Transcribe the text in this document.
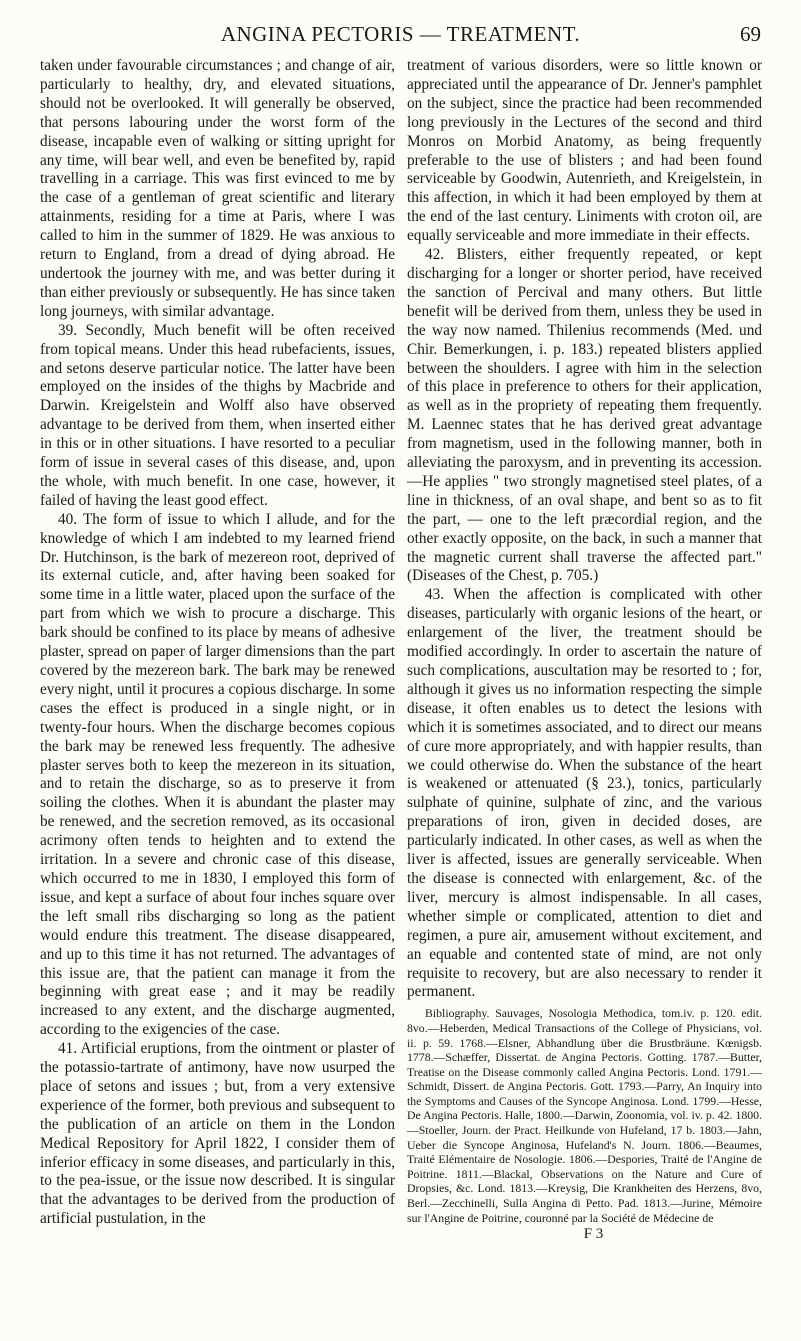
ANGINA PECTORIS — TREATMENT.	69

taken under favourable circumstances ; and change of air, particularly to healthy, dry, and elevated situations, should not be overlooked. It will generally be observed, that persons labouring under the worst form of the disease, incapable even of walking or sitting upright for any time, will bear well, and even be benefited by, rapid travelling in a carriage. This was first evinced to me by the case of a gentleman of great scientific and literary attainments, residing for a time at Paris, where I was called to him in the summer of 1829. He was anxious to return to England, from a dread of dying abroad. He undertook the journey with me, and was better during it than either previously or subsequently. He has since taken long journeys, with similar advantage.

39. Secondly, Much benefit will be often received from topical means. Under this head rubefacients, issues, and setons deserve particular notice. The latter have been employed on the insides of the thighs by Macbride and Darwin. Kreigelstein and Wolff also have observed advantage to be derived from them, when inserted either in this or in other situations. I have resorted to a peculiar form of issue in several cases of this disease, and, upon the whole, with much benefit. In one case, however, it failed of having the least good effect.

40. The form of issue to which I allude, and for the knowledge of which I am indebted to my learned friend Dr. Hutchinson, is the bark of mezereon root, deprived of its external cuticle, and, after having been soaked for some time in a little water, placed upon the surface of the part from which we wish to procure a discharge. This bark should be confined to its place by means of adhesive plaster, spread on paper of larger dimensions than the part covered by the mezereon bark. The bark may be renewed every night, until it procures a copious discharge. In some cases the effect is produced in a single night, or in twenty-four hours. When the discharge becomes copious the bark may be renewed less frequently. The adhesive plaster serves both to keep the mezereon in its situation, and to retain the discharge, so as to preserve it from soiling the clothes. When it is abundant the plaster may be renewed, and the secretion removed, as its occasional acrimony often tends to heighten and to extend the irritation. In a severe and chronic case of this disease, which occurred to me in 1830, I employed this form of issue, and kept a surface of about four inches square over the left small ribs discharging so long as the patient would endure this treatment. The disease disappeared, and up to this time it has not returned. The advantages of this issue are, that the patient can manage it from the beginning with great ease ; and it may be readily increased to any extent, and the discharge augmented, according to the exigencies of the case.

41. Artificial eruptions, from the ointment or plaster of the potassio-tartrate of antimony, have now usurped the place of setons and issues ; but, from a very extensive experience of the former, both previous and subsequent to the publication of an article on them in the London Medical Repository for April 1822, I consider them of inferior efficacy in some diseases, and particularly in this, to the pea-issue, or the issue now described. It is singular that the advantages to be derived from the production of artificial pustulation, in the

treatment of various disorders, were so little known or appreciated until the appearance of Dr. Jenner's pamphlet on the subject, since the practice had been recommended long previously in the Lectures of the second and third Monros on Morbid Anatomy, as being frequently preferable to the use of blisters ; and had been found serviceable by Goodwin, Autenrieth, and Kreigelstein, in this affection, in which it had been employed by them at the end of the last century. Liniments with croton oil, are equally serviceable and more immediate in their effects.

42. Blisters, either frequently repeated, or kept discharging for a longer or shorter period, have received the sanction of Percival and many others. But little benefit will be derived from them, unless they be used in the way now named. Thilenius recommends (Med. und Chir. Bemerkungen, i. p. 183.) repeated blisters applied between the shoulders. I agree with him in the selection of this place in preference to others for their application, as well as in the propriety of repeating them frequently. M. Laennec states that he has derived great advantage from magnetism, used in the following manner, both in alleviating the paroxysm, and in preventing its accession.—He applies " two strongly magnetised steel plates, of a line in thickness, of an oval shape, and bent so as to fit the part, — one to the left præcordial region, and the other exactly opposite, on the back, in such a manner that the magnetic current shall traverse the affected part." (Diseases of the Chest, p. 705.)

43. When the affection is complicated with other diseases, particularly with organic lesions of the heart, or enlargement of the liver, the treatment should be modified accordingly. In order to ascertain the nature of such complications, auscultation may be resorted to ; for, although it gives us no information respecting the simple disease, it often enables us to detect the lesions with which it is sometimes associated, and to direct our means of cure more appropriately, and with happier results, than we could otherwise do. When the substance of the heart is weakened or attenuated (§ 23.), tonics, particularly sulphate of quinine, sulphate of zinc, and the various preparations of iron, given in decided doses, are particularly indicated. In other cases, as well as when the liver is affected, issues are generally serviceable. When the disease is connected with enlargement, &c. of the liver, mercury is almost indispensable. In all cases, whether simple or complicated, attention to diet and regimen, a pure air, amusement without excitement, and an equable and contented state of mind, are not only requisite to recovery, but are also necessary to render it permanent.

Bibliography. Sauvages, Nosologia Methodica, tom.iv. p. 120. edit. 8vo.—Heberden, Medical Transactions of the College of Physicians, vol. ii. p. 59. 1768.—Elsner, Abhandlung über die Brustbräune. Kœnigsb. 1778.—Schæffer, Dissertat. de Angina Pectoris. Gotting. 1787.—Butter, Treatise on the Disease commonly called Angina Pectoris. Lond. 1791.—Schmidt, Dissert. de Angina Pectoris. Gott. 1793.—Parry, An Inquiry into the Symptoms and Causes of the Syncope Anginosa. Lond. 1799.—Hesse, De Angina Pectoris. Halle, 1800.—Darwin, Zoonomia, vol. iv. p. 42. 1800.—Stoeller, Journ. der Pract. Heilkunde von Hufeland, 17 b. 1803.—Jahn, Ueber die Syncope Anginosa, Hufeland's N. Journ. 1806.—Beaumes, Traité Elémentaire de Nosologie. 1806.—Despories, Traité de l'Angine de Poitrine. 1811.—Blackal, Observations on the Nature and Cure of Dropsies, &c. Lond. 1813.—Kreysig, Die Krankheiten des Herzens, 8vo, Berl.—Zecchinelli, Sulla Angina di Petto. Pad. 1813.—Jurine, Mémoire sur l'Angine de Poitrine, couronné par la Société de Médecine de

F 3
